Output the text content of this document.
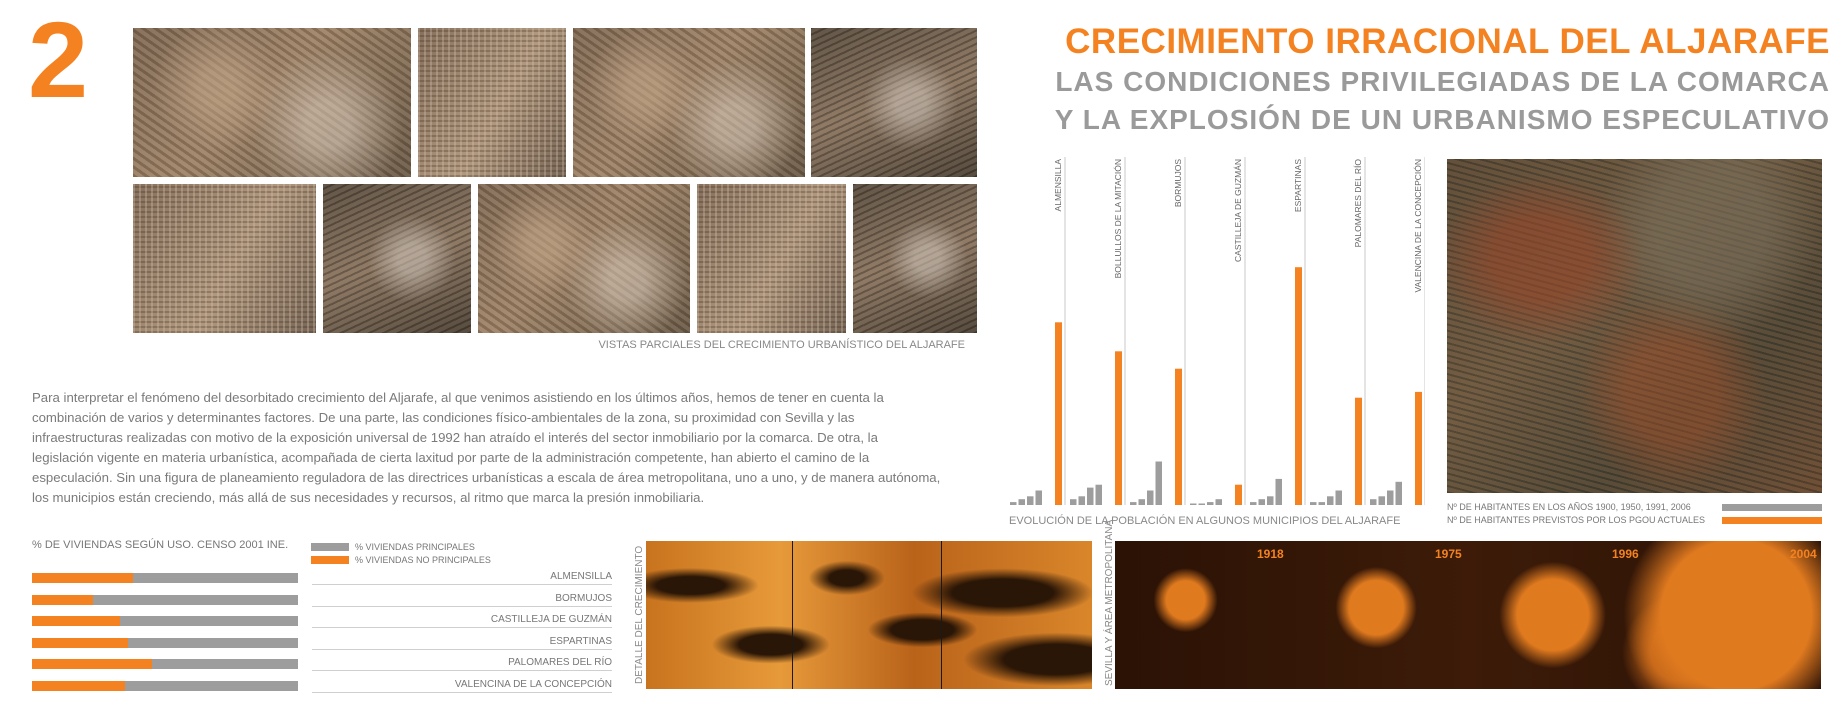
2
VISTAS PARCIALES DEL CRECIMIENTO URBANÍSTICO DEL ALJARAFE
CRECIMIENTO IRRACIONAL DEL ALJARAFE
LAS CONDICIONES PRIVILEGIADAS DE LA COMARCA
Y LA EXPLOSIÓN DE UN URBANISMO ESPECULATIVO
Para interpretar el fenómeno del desorbitado crecimiento del Aljarafe, al que venimos asistiendo en los últimos años, hemos de tener en cuenta la combinación de varios y determinantes factores. De una parte, las condiciones físico-ambientales de la zona, su proximidad con Sevilla y las infraestructuras realizadas con motivo de la exposición universal de 1992 han atraído el interés del sector inmobiliario por la comarca. De otra, la legislación vigente en materia urbanística, acompañada de cierta laxitud por parte de la administración competente, han abierto el camino de la especulación. Sin una figura de planeamiento reguladora de las directrices urbanísticas a escala de área metropolitana, uno a uno, y de manera autónoma, los municipios están creciendo, más allá de sus necesidades y recursos, al ritmo que marca la presión inmobiliaria.
% DE VIVIENDAS SEGÚN USO. CENSO 2001 INE.	% VIVIENDAS PRINCIPALES
% VIVIENDAS NO PRINCIPALES
ALMENSILLA
BORMUJOS
CASTILLEJA DE GUZMÁN
ESPARTINAS
PALOMARES DEL RÍO
VALENCINA DE LA CONCEPCIÓN DETALLE DEL CRECIMIENTO	SEVILLA Y ÁREA METROPOLITANA	1918	1975	1996	2004
ALMENSILLA	BOLLULLOS DE LA MITACIÓN	BORMUJOS	CASTILLEJA DE GUZMÁN	ESPARTINAS	PALOMARES DEL RÍO	VALENCINA DE LA CONCEPCIÓN
EVOLUCIÓN DE LA POBLACIÓN EN ALGUNOS MUNICIPIOS DEL ALJARAFE
Nº DE HABITANTES EN LOS AÑOS 1900, 1950, 1991, 2006
Nº DE HABITANTES PREVISTOS POR LOS PGOU ACTUALES
